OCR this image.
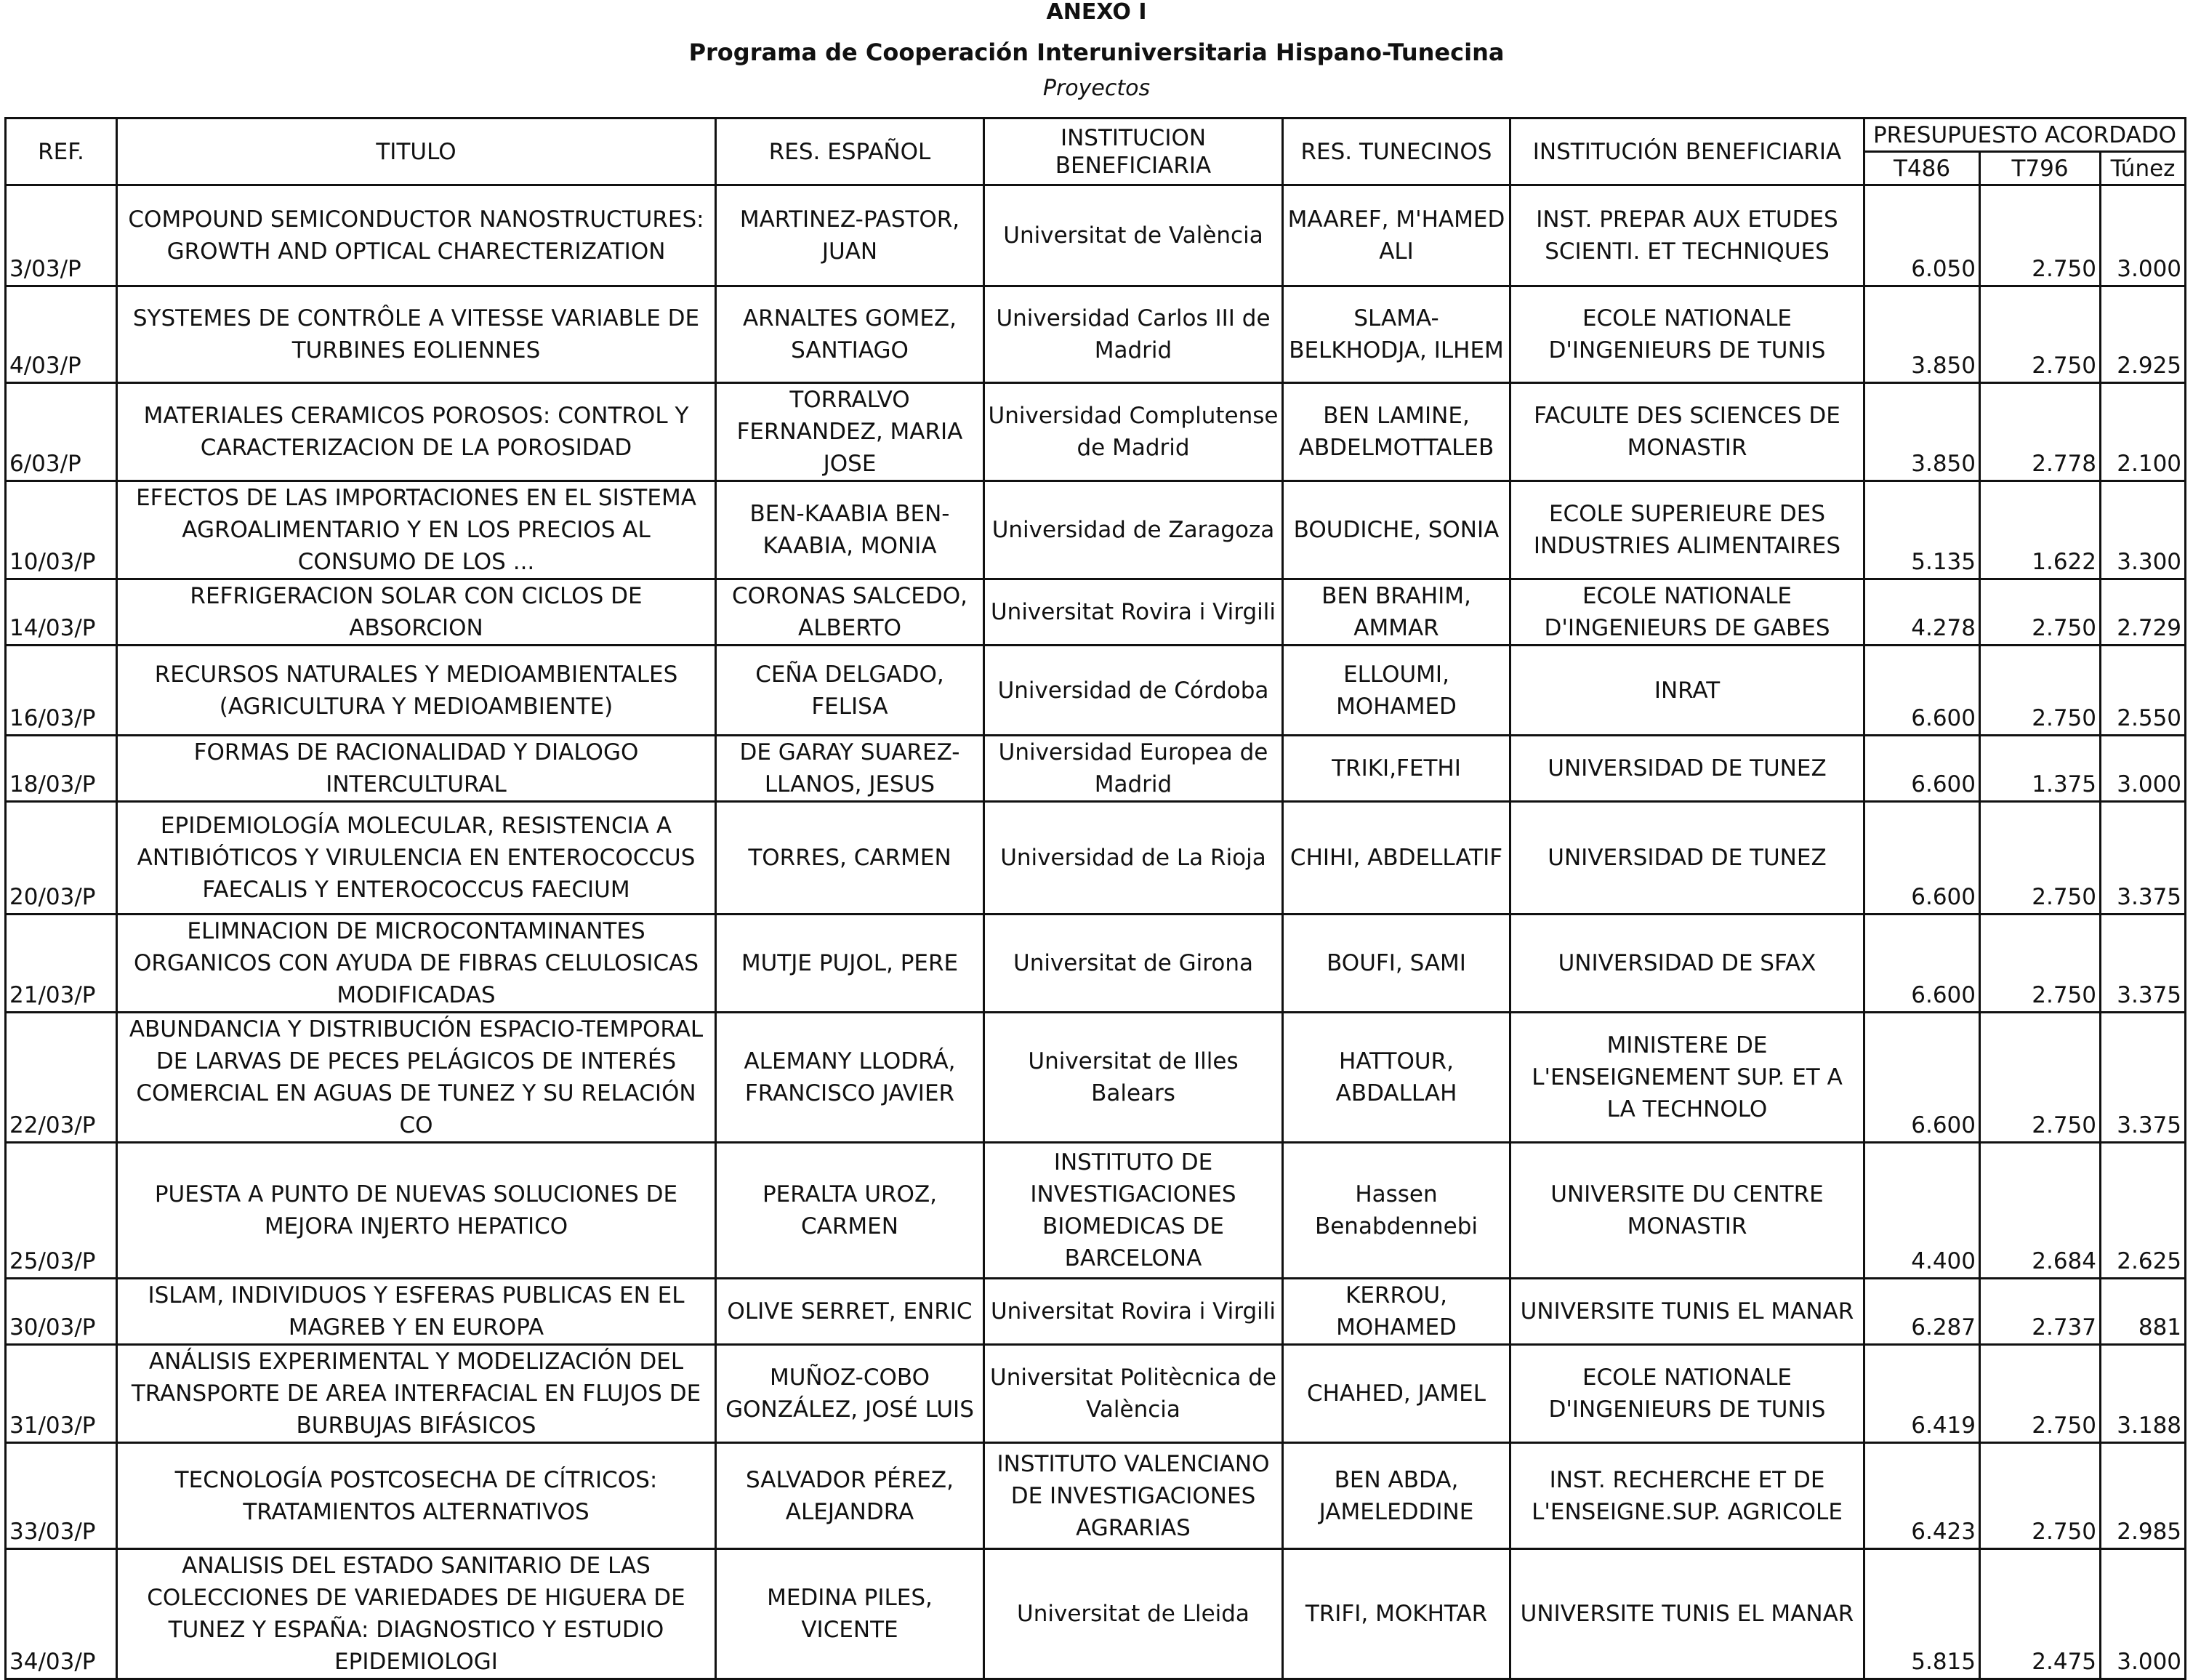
ANEXO I
Programa de Cooperación Interuniversitaria Hispano-Tunecina
Proyectos
REF.	TITULO	RES. ESPAÑOL	INSTITUCION BENEFICIARIA	RES. TUNECINOS	INSTITUCIÓN BENEFICIARIA	PRESUPUESTO ACORDADO		
						T486	T796	Túnez
3/03/P	COMPOUND SEMICONDUCTOR NANOSTRUCTURES: GROWTH AND OPTICAL CHARECTERIZATION	MARTINEZ-PASTOR, JUAN	Universitat de València	MAAREF, M'HAMED ALI	INST. PREPAR AUX ETUDES SCIENTI. ET TECHNIQUES	6.050	2.750	3.000
4/03/P	SYSTEMES DE CONTRÔLE A VITESSE VARIABLE DE TURBINES EOLIENNES	ARNALTES GOMEZ, SANTIAGO	Universidad Carlos III de Madrid	SLAMA-BELKHODJA, ILHEM	ECOLE NATIONALE D'INGENIEURS DE TUNIS	3.850	2.750	2.925
6/03/P	MATERIALES CERAMICOS POROSOS: CONTROL Y CARACTERIZACION DE LA POROSIDAD	TORRALVO FERNANDEZ, MARIA JOSE	Universidad Complutense de Madrid	BEN LAMINE, ABDELMOTTALEB	FACULTE DES SCIENCES DE MONASTIR	3.850	2.778	2.100
10/03/P	EFECTOS DE LAS IMPORTACIONES EN EL SISTEMA AGROALIMENTARIO Y EN LOS PRECIOS AL CONSUMO DE LOS ...	BEN-KAABIA BEN-KAABIA, MONIA	Universidad de Zaragoza	BOUDICHE, SONIA	ECOLE SUPERIEURE DES INDUSTRIES ALIMENTAIRES	5.135	1.622	3.300
14/03/P	REFRIGERACION SOLAR CON CICLOS DE ABSORCION	CORONAS SALCEDO, ALBERTO	Universitat Rovira i Virgili	BEN BRAHIM, AMMAR	ECOLE NATIONALE D'INGENIEURS DE GABES	4.278	2.750	2.729
16/03/P	RECURSOS NATURALES Y MEDIOAMBIENTALES (AGRICULTURA Y MEDIOAMBIENTE)	CEÑA DELGADO, FELISA	Universidad de Córdoba	ELLOUMI, MOHAMED	INRAT	6.600	2.750	2.550
18/03/P	FORMAS DE RACIONALIDAD Y DIALOGO INTERCULTURAL	DE GARAY SUAREZ-LLANOS, JESUS	Universidad Europea de Madrid	TRIKI,FETHI	UNIVERSIDAD DE TUNEZ	6.600	1.375	3.000
20/03/P	EPIDEMIOLOGÍA MOLECULAR, RESISTENCIA A ANTIBIÓTICOS Y VIRULENCIA EN ENTEROCOCCUS FAECALIS Y ENTEROCOCCUS FAECIUM	TORRES, CARMEN	Universidad de La Rioja	CHIHI, ABDELLATIF	UNIVERSIDAD DE TUNEZ	6.600	2.750	3.375
21/03/P	ELIMNACION DE MICROCONTAMINANTES ORGANICOS CON AYUDA DE FIBRAS CELULOSICAS MODIFICADAS	MUTJE PUJOL, PERE	Universitat de Girona	BOUFI, SAMI	UNIVERSIDAD DE SFAX	6.600	2.750	3.375
22/03/P	ABUNDANCIA Y DISTRIBUCIÓN ESPACIO-TEMPORAL DE LARVAS DE PECES PELÁGICOS DE INTERÉS COMERCIAL EN AGUAS DE TUNEZ Y SU RELACIÓN CO	ALEMANY LLODRÁ, FRANCISCO JAVIER	Universitat de Illes Balears	HATTOUR, ABDALLAH	MINISTERE DE L'ENSEIGNEMENT SUP. ET A LA TECHNOLO	6.600	2.750	3.375
25/03/P	PUESTA A PUNTO DE NUEVAS SOLUCIONES DE MEJORA INJERTO HEPATICO	PERALTA UROZ, CARMEN	INSTITUTO DE INVESTIGACIONES BIOMEDICAS DE BARCELONA	Hassen Benabdennebi	UNIVERSITE DU CENTRE MONASTIR	4.400	2.684	2.625
30/03/P	ISLAM, INDIVIDUOS Y ESFERAS PUBLICAS EN EL MAGREB Y EN EUROPA	OLIVE SERRET, ENRIC	Universitat Rovira i Virgili	KERROU, MOHAMED	UNIVERSITE TUNIS EL MANAR	6.287	2.737	881
31/03/P	ANÁLISIS EXPERIMENTAL Y MODELIZACIÓN DEL TRANSPORTE DE AREA INTERFACIAL EN FLUJOS DE BURBUJAS BIFÁSICOS	MUÑOZ-COBO GONZÁLEZ, JOSÉ LUIS	Universitat Politècnica de València	CHAHED, JAMEL	ECOLE NATIONALE D'INGENIEURS DE TUNIS	6.419	2.750	3.188
33/03/P	TECNOLOGÍA POSTCOSECHA DE CÍTRICOS: TRATAMIENTOS ALTERNATIVOS	SALVADOR PÉREZ, ALEJANDRA	INSTITUTO VALENCIANO DE INVESTIGACIONES AGRARIAS	BEN ABDA, JAMELEDDINE	INST. RECHERCHE ET DE L'ENSEIGNE.SUP. AGRICOLE	6.423	2.750	2.985
34/03/P	ANALISIS DEL ESTADO SANITARIO DE LAS COLECCIONES DE VARIEDADES DE HIGUERA DE TUNEZ Y ESPAÑA: DIAGNOSTICO Y ESTUDIO EPIDEMIOLOGI	MEDINA PILES, VICENTE	Universitat de Lleida	TRIFI, MOKHTAR	UNIVERSITE TUNIS EL MANAR	5.815	2.475	3.000
